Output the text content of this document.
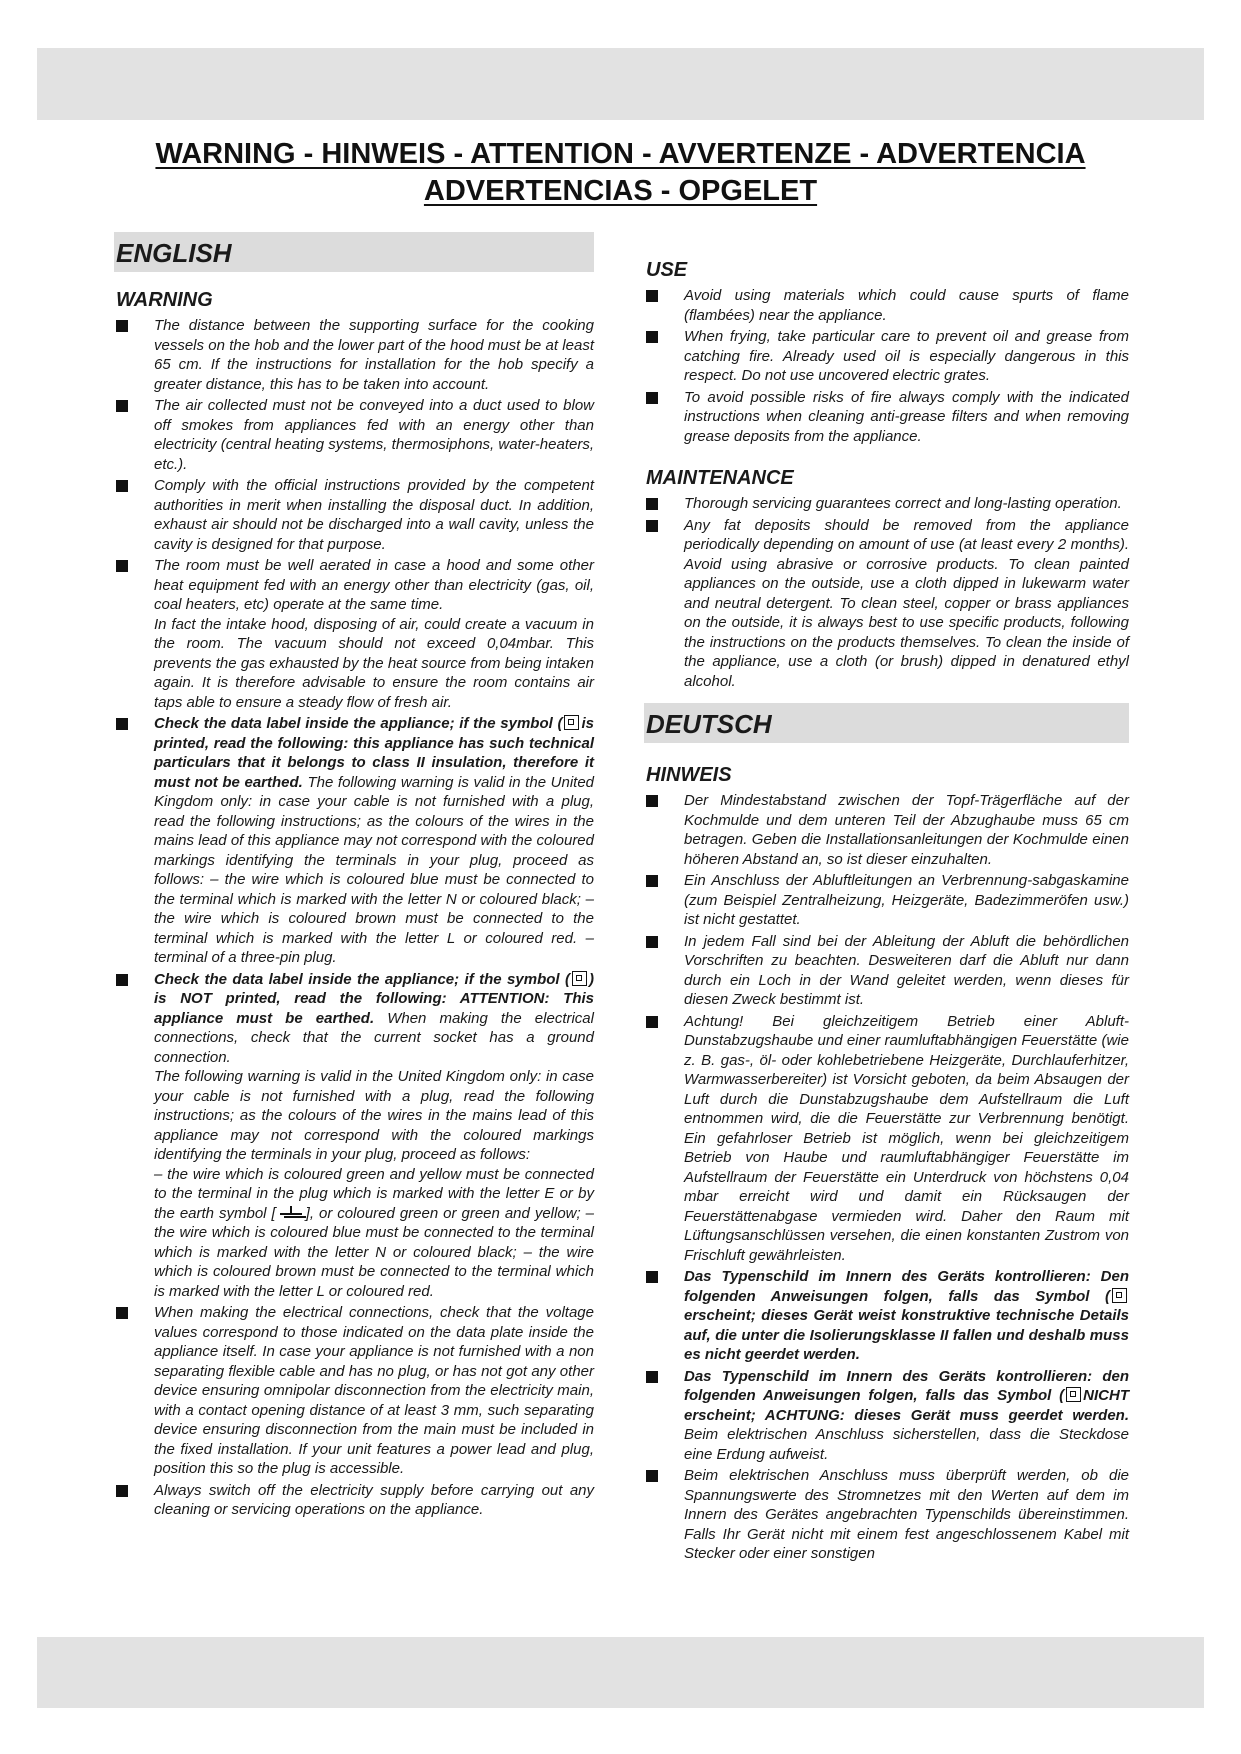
WARNING - HINWEIS - ATTENTION - AVVERTENZE - ADVERTENCIA
ADVERTENCIAS - OPGELET
ENGLISH
WARNING

The distance between the supporting surface for the cooking vessels on the hob and the lower part of the hood must be at least 65 cm. If the instructions for installation for the hob specify a greater distance, this has to be taken into account.

The air collected must not be conveyed into a duct used to blow off smokes from appliances fed with an energy other than electricity (central heating systems, thermosiphons, water-heaters, etc.).

Comply with the official instructions provided by the competent authorities in merit when installing the disposal duct. In addition, exhaust air should not be discharged into a wall cavity, unless the cavity is designed for that purpose.

The room must be well aerated in case a hood and some other heat equipment fed with an energy other than electricity (gas, oil, coal heaters, etc) operate at the same time.
In fact the intake hood, disposing of air, could create a vacuum in the room. The vacuum should not exceed 0,04mbar. This prevents the gas exhausted by the heat source from being intaken again. It is therefore advisable to ensure the room contains air taps able to ensure a steady flow of fresh air.

Check the data label inside the appliance; if the symbol ( is printed, read the following: this appliance has such technical particulars that it belongs to class II insulation, therefore it must not be earthed. The following warning is valid in the United Kingdom only: in case your cable is not furnished with a plug, read the following instructions; as the colours of the wires in the mains lead of this appliance may not correspond with the coloured markings identifying the terminals in your plug, proceed as follows: – the wire which is coloured blue must be connected to the terminal which is marked with the letter N or coloured black; – the wire which is coloured brown must be connected to the terminal which is marked with the letter L or coloured red. – terminal of a three-pin plug.

Check the data label inside the appliance; if the symbol ( ) is NOT printed, read the following: ATTENTION: This appliance must be earthed. When making the electrical connections, check that the current socket has a ground connection.
The following warning is valid in the United Kingdom only: in case your cable is not furnished with a plug, read the following instructions; as the colours of the wires in the mains lead of this appliance may not correspond with the coloured markings identifying the terminals in your plug, proceed as follows:
– the wire which is coloured green and yellow must be connected to the terminal in the plug which is marked with the letter E or by the earth symbol [ ], or coloured green or green and yellow; – the wire which is coloured blue must be connected to the terminal which is marked with the letter N or coloured black; – the wire which is coloured brown must be connected to the terminal which is marked with the letter L or coloured red.

When making the electrical connections, check that the voltage values correspond to those indicated on the data plate inside the appliance itself. In case your appliance is not furnished with a non separating flexible cable and has no plug, or has not got any other device ensuring omnipolar disconnection from the electricity main, with a contact opening distance of at least 3 mm, such separating device ensuring disconnection from the main must be included in the fixed installation. If your unit features a power lead and plug, position this so the plug is accessible.

Always switch off the electricity supply before carrying out any cleaning or servicing operations on the appliance.

USE

Avoid using materials which could cause spurts of flame (flambées) near the appliance.

When frying, take particular care to prevent oil and grease from catching fire. Already used oil is especially dangerous in this respect. Do not use uncovered electric grates.

To avoid possible risks of fire always comply with the indicated instructions when cleaning anti-grease filters and when removing grease deposits from the appliance.

MAINTENANCE

Thorough servicing guarantees correct and long-lasting operation.

Any fat deposits should be removed from the appliance periodically depending on amount of use (at least every 2 months). Avoid using abrasive or corrosive products. To clean painted appliances on the outside, use a cloth dipped in lukewarm water and neutral detergent. To clean steel, copper or brass appliances on the outside, it is always best to use specific products, following the instructions on the products themselves. To clean the inside of the appliance, use a cloth (or brush) dipped in denatured ethyl alcohol.

DEUTSCH
HINWEIS

Der Mindestabstand zwischen der Topf-Trägerfläche auf der Kochmulde und dem unteren Teil der Abzughaube muss 65 cm betragen. Geben die Installationsanleitungen der Kochmulde einen höheren Abstand an, so ist dieser einzuhalten.

Ein Anschluss der Abluftleitungen an Verbrennung-sabgaskamine (zum Beispiel Zentralheizung, Heizgeräte, Badezimmeröfen usw.) ist nicht gestattet.

In jedem Fall sind bei der Ableitung der Abluft die behördlichen Vorschriften zu beachten. Desweiteren darf die Abluft nur dann durch ein Loch in der Wand geleitet werden, wenn dieses für diesen Zweck bestimmt ist.

Achtung! Bei gleichzeitigem Betrieb einer Abluft-Dunstabzugshaube und einer raumluftabhängigen Feuerstätte (wie z. B. gas-, öl- oder kohlebetriebene Heizgeräte, Durchlauferhitzer, Warmwasserbereiter) ist Vorsicht geboten, da beim Absaugen der Luft durch die Dunstabzugshaube dem Aufstellraum die Luft entnommen wird, die die Feuerstätte zur Verbrennung benötigt. Ein gefahrloser Betrieb ist möglich, wenn bei gleichzeitigem Betrieb von Haube und raumluftabhängiger Feuerstätte im Aufstellraum der Feuerstätte ein Unterdruck von höchstens 0,04 mbar erreicht wird und damit ein Rücksaugen der Feuerstättenabgase vermieden wird. Daher den Raum mit Lüftungsanschlüssen versehen, die einen konstanten Zustrom von Frischluft gewährleisten.

Das Typenschild im Innern des Geräts kontrollieren: Den folgenden Anweisungen folgen, falls das Symbol (erscheint; dieses Gerät weist konstruktive technische Details auf, die unter die Isolierungsklasse II fallen und deshalb muss es nicht geerdet werden.

Das Typenschild im Innern des Geräts kontrollieren: den folgenden Anweisungen folgen, falls das Symbol ( NICHT erscheint; ACHTUNG: dieses Gerät muss geerdet werden. Beim elektrischen Anschluss sicherstellen, dass die Steckdose eine Erdung aufweist.

Beim elektrischen Anschluss muss überprüft werden, ob die Spannungswerte des Stromnetzes mit den Werten auf dem im Innern des Gerätes angebrachten Typenschilds übereinstimmen. Falls Ihr Gerät nicht mit einem fest angeschlossenem Kabel mit Stecker oder einer sonstigen
